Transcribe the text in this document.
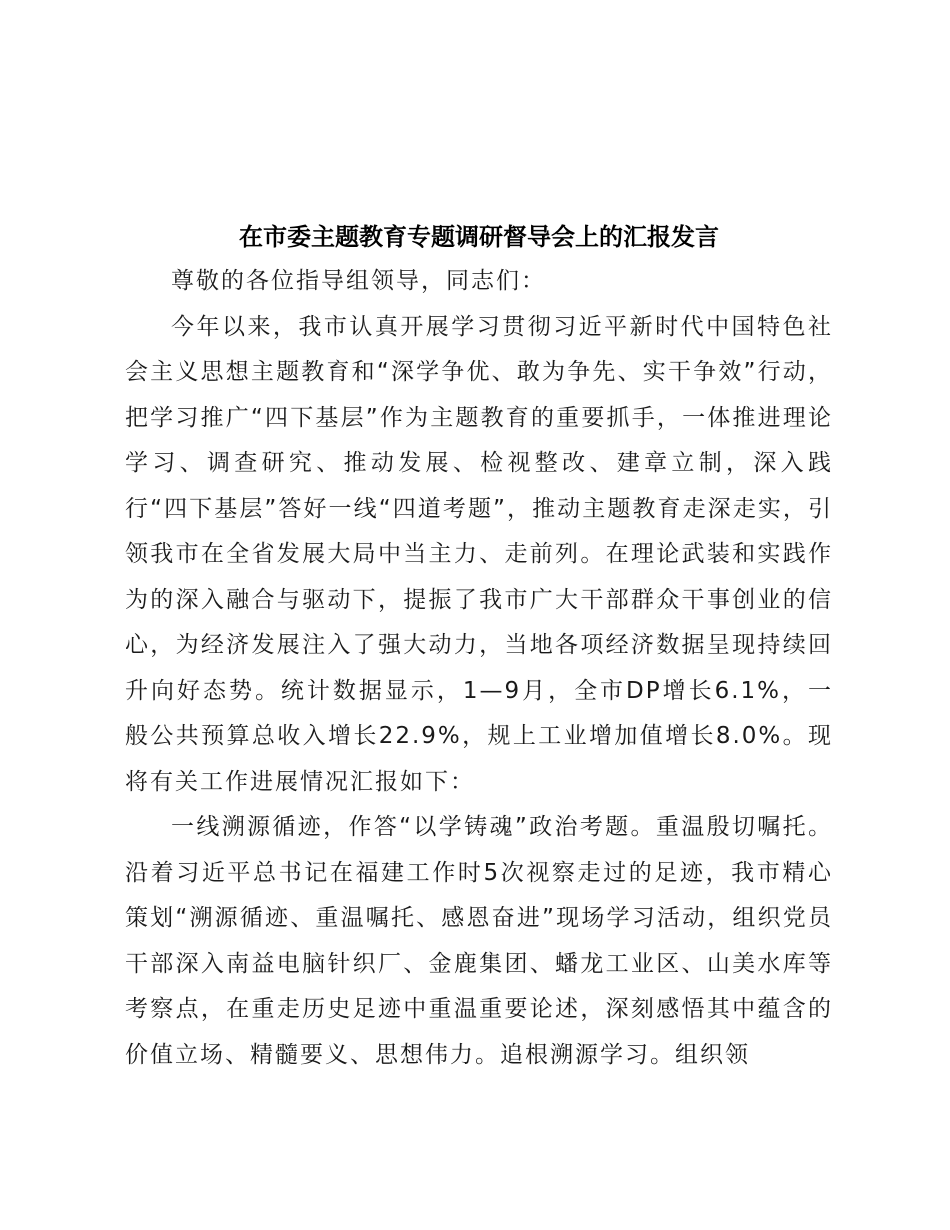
在市委主题教育专题调研督导会上的汇报发言

尊敬的各位指导组领导，同志们：

今年以来，我市认真开展学习贯彻习近平新时代中国特色社会主义思想主题教育和“深学争优、敢为争先、实干争效”行动，把学习推广“四下基层”作为主题教育的重要抓手，一体推进理论学习、调查研究、推动发展、检视整改、建章立制，深入践行“四下基层”答好一线“四道考题”，推动主题教育走深走实，引领我市在全省发展大局中当主力、走前列。在理论武装和实践作为的深入融合与驱动下，提振了我市广大干部群众干事创业的信心，为经济发展注入了强大动力，当地各项经济数据呈现持续回升向好态势。统计数据显示，1—9月，全市DP增长6.1%，一般公共预算总收入增长22.9%，规上工业增加值增长8.0%。现将有关工作进展情况汇报如下：

一线溯源循迹，作答“以学铸魂”政治考题。重温殷切嘱托。沿着习近平总书记在福建工作时5次视察走过的足迹，我市精心策划“溯源循迹、重温嘱托、感恩奋进”现场学习活动，组织党员干部深入南益电脑针织厂、金鹿集团、蟠龙工业区、山美水库等考察点，在重走历史足迹中重温重要论述，深刻感悟其中蕴含的价值立场、精髓要义、思想伟力。追根溯源学习。组织领
